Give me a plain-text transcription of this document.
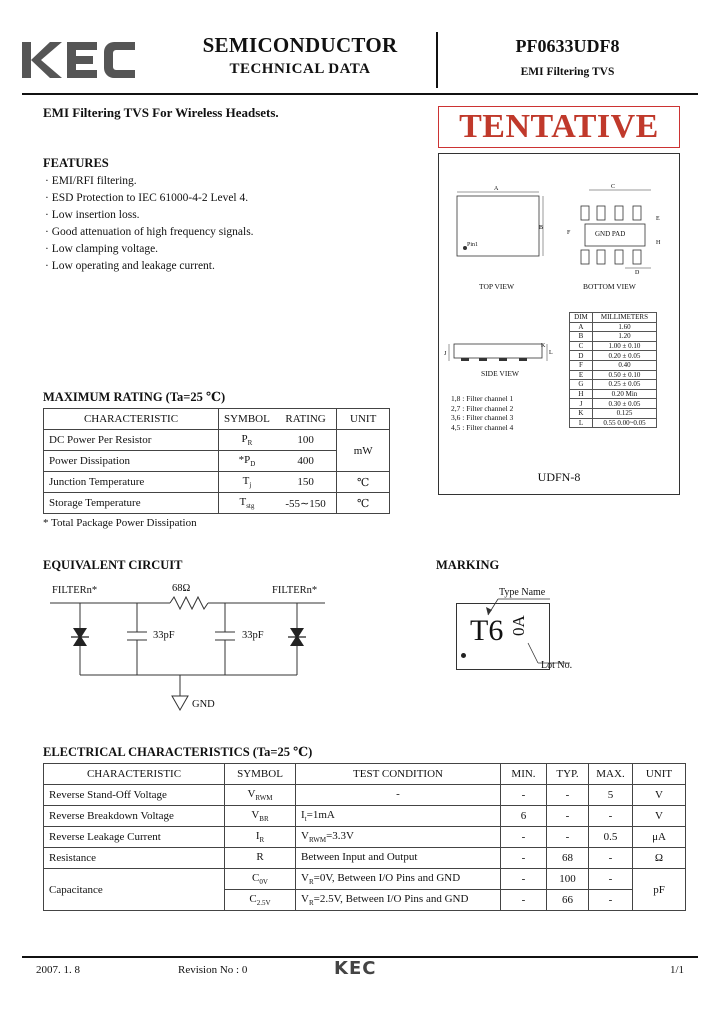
SEMICONDUCTOR
TECHNICAL DATA
PF0633UDF8
EMI Filtering TVS
EMI Filtering TVS For Wireless Headsets.	TENTATIVE
FEATURES
· EMI/RFI filtering.
· ESD Protection to IEC 61000-4-2 Level 4.
· Low insertion loss.
· Good attenuation of high frequency signals.
· Low clamping voltage.
· Low operating and leakage current.
A
B
C
D
E
H
F
J
K
L
Pin1
GND PAD
TOP VIEW	BOTTOM VIEW
SIDE VIEW
DIM	MILLIMETERS
A	1.60
B	1.20
C	1.00 ± 0.10
D	0.20 ± 0.05
F	0.40
E	0.50 ± 0.10
G	0.25 ± 0.05
H	0.20 Min
J	0.30 ± 0.05
K	0.125
L	0.55 0.00~0.05
1,8 : Filter channel 1
2,7 : Filter channel 2
3,6 : Filter channel 3
4,5 : Filter channel 4
UDFN-8
MAXIMUM RATING (Ta=25 ℃)
CHARACTERISTIC	SYMBOL	RATING	UNIT
DC Power Per Resistor	$P_R$	100	mW
Power Dissipation	$*P_D$	400	
Junction Temperature	$T_j$	150	℃
Storage Temperature	$T_{stg}$	-55∼150	℃
* Total Package Power Dissipation
EQUIVALENT CIRCUIT
FILTERn*	FILTERn*
68Ω
33pF	33pF
GND
MARKING
T6 0A
Type Name
Lot No.
ELECTRICAL CHARACTERISTICS (Ta=25 ℃)
CHARACTERISTIC	SYMBOL	TEST CONDITION	MIN.	TYP.	MAX.	UNIT
Reverse Stand-Off Voltage	$V_{RWM}$	-	-	-	5	V
Reverse Breakdown Voltage	$V_{BR}$	$I_t=1mA$	6	-	-	V
Reverse Leakage Current	$I_R$	$V_{RWM}=3.3V$	-	-	0.5	μA
Resistance	R	Between Input and Output	-	68	-	Ω
Capacitance	$C_{0V}$	$V_R=0V$, Between I/O Pins and GND	-	100	-	pF
	$C_{2.5V}$	$V_R=2.5V$, Between I/O Pins and GND	-	66	-	
2007. 1. 8	Revision No : 0	KEC	1/1
